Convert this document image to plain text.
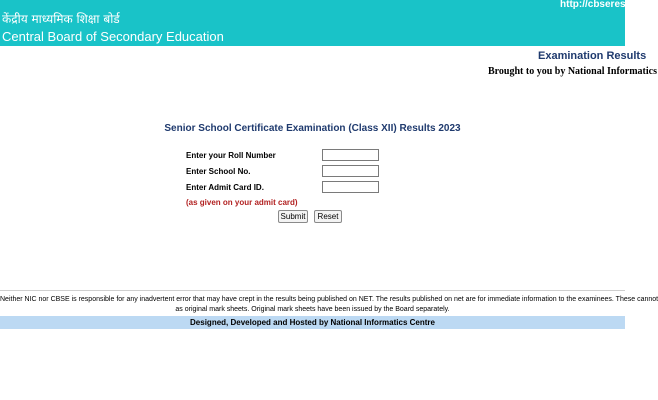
केंद्रीय माध्यमिक शिक्षा बोर्ड
Central Board of Secondary Education
http://cbseresults
Examination Results
Brought to you by National Informatics
Senior School Certificate Examination (Class XII) Results 2023
Enter your Roll Number
Enter School No.
Enter Admit Card ID.
(as given on your admit card)
Submit	Reset
Neither NIC nor CBSE is responsible for any inadvertent error that may have crept in the results being published on NET. The results published on net are for immediate information to the examinees. These cannot
as original mark sheets. Original mark sheets have been issued by the Board separately.
Designed, Developed and Hosted by National Informatics Centre
